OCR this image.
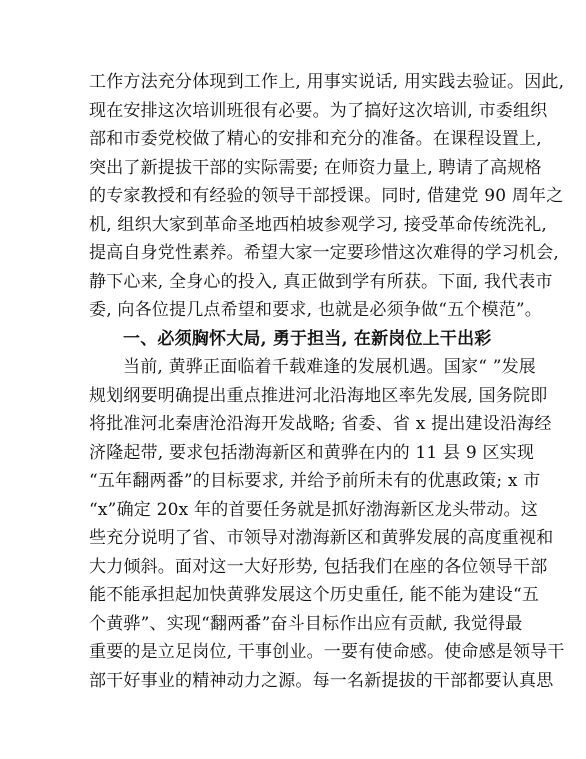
工作方法充分体现到工作上, 用事实说话, 用实践去验证。因此,
现在安排这次培训班很有必要。为了搞好这次培训, 市委组织
部和市委党校做了精心的安排和充分的准备。在课程设置上,
突出了新提拔干部的实际需要; 在师资力量上, 聘请了高规格
的专家教授和有经验的领导干部授课。同时, 借建党 90 周年之
机, 组织大家到革命圣地西柏坡参观学习, 接受革命传统洗礼,
提高自身党性素养。希望大家一定要珍惜这次难得的学习机会,
静下心来, 全身心的投入, 真正做到学有所获。下面, 我代表市
委, 向各位提几点希望和要求, 也就是必须争做“五个模范”。
一、必须胸怀大局, 勇于担当, 在新岗位上干出彩
当前, 黄骅正面临着千载难逢的发展机遇。国家“ ”发展
规划纲要明确提出重点推进河北沿海地区率先发展, 国务院即
将批准河北秦唐沧沿海开发战略; 省委、省 x 提出建设沿海经
济隆起带, 要求包括渤海新区和黄骅在内的 11 县 9 区实现
“五年翻两番”的目标要求, 并给予前所未有的优惠政策; x 市
“x”确定 20x 年的首要任务就是抓好渤海新区龙头带动。这
些充分说明了省、市领导对渤海新区和黄骅发展的高度重视和
大力倾斜。面对这一大好形势, 包括我们在座的各位领导干部
能不能承担起加快黄骅发展这个历史重任, 能不能为建设“五
个黄骅”、实现“翻两番”奋斗目标作出应有贡献, 我觉得最
重要的是立足岗位, 干事创业。一要有使命感。使命感是领导干
部干好事业的精神动力之源。每一名新提拔的干部都要认真思
